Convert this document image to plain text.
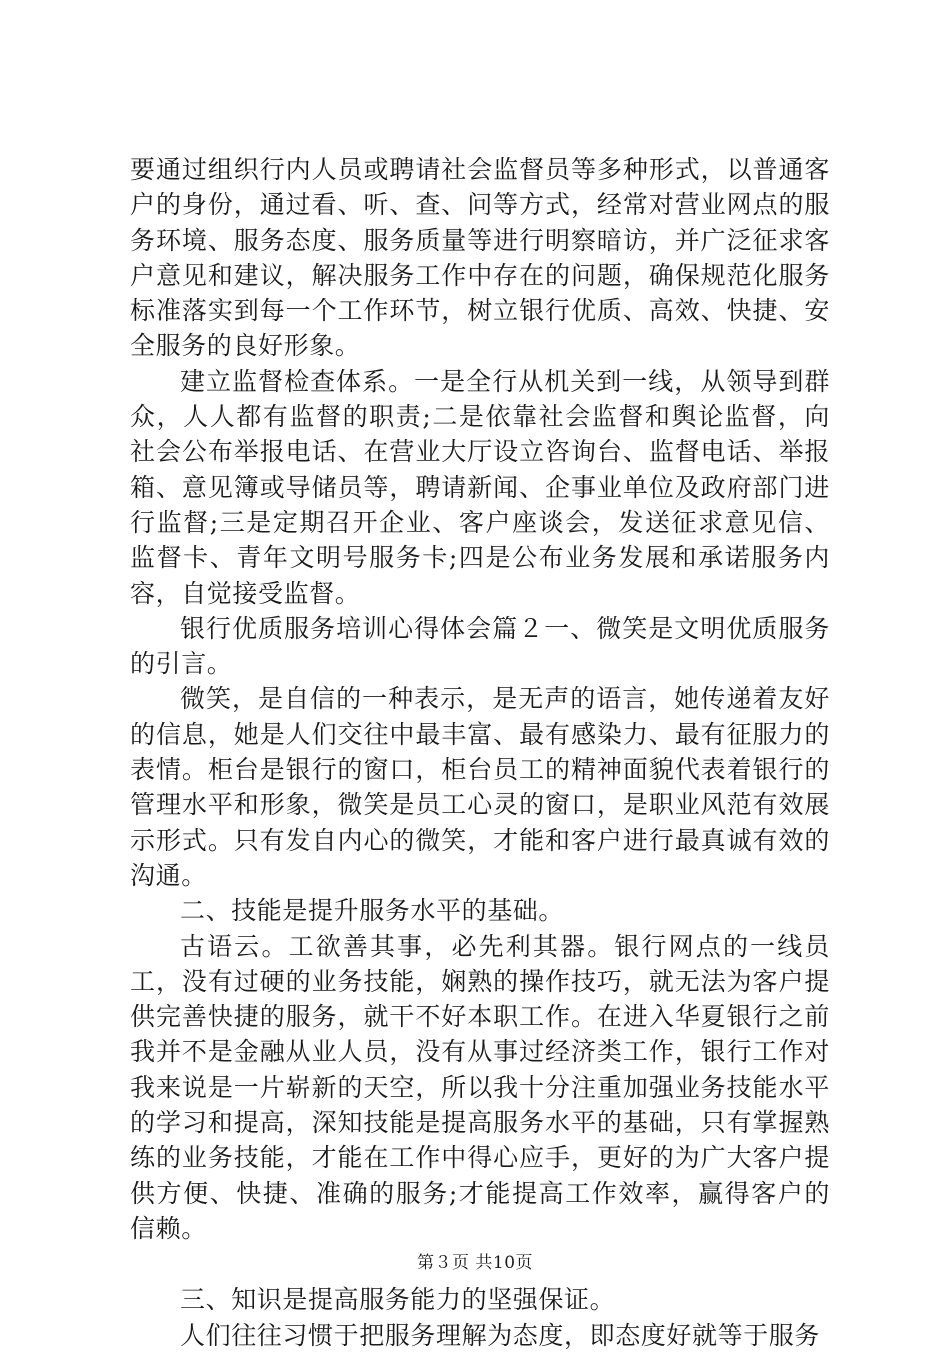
要通过组织行内人员或聘请社会监督员等多种形式，以普通客户的身份，通过看、听、查、问等方式，经常对营业网点的服务环境、服务态度、服务质量等进行明察暗访，并广泛征求客户意见和建议，解决服务工作中存在的问题，确保规范化服务标准落实到每一个工作环节，树立银行优质、高效、快捷、安全服务的良好形象。

建立监督检查体系。一是全行从机关到一线，从领导到群众，人人都有监督的职责;二是依靠社会监督和舆论监督，向社会公布举报电话、在营业大厅设立咨询台、监督电话、举报箱、意见簿或导储员等，聘请新闻、企事业单位及政府部门进行监督;三是定期召开企业、客户座谈会，发送征求意见信、监督卡、青年文明号服务卡;四是公布业务发展和承诺服务内容，自觉接受监督。

银行优质服务培训心得体会篇２一、微笑是文明优质服务的引言。

微笑，是自信的一种表示，是无声的语言，她传递着友好的信息，她是人们交往中最丰富、最有感染力、最有征服力的表情。柜台是银行的窗口，柜台员工的精神面貌代表着银行的管理水平和形象，微笑是员工心灵的窗口，是职业风范有效展示形式。只有发自内心的微笑，才能和客户进行最真诚有效的沟通。

二、技能是提升服务水平的基础。

古语云。工欲善其事，必先利其器。银行网点的一线员工，没有过硬的业务技能，娴熟的操作技巧，就无法为客户提供完善快捷的服务，就干不好本职工作。在进入华夏银行之前我并不是金融从业人员，没有从事过经济类工作，银行工作对我来说是一片崭新的天空，所以我十分注重加强业务技能水平的学习和提高，深知技能是提高服务水平的基础，只有掌握熟练的业务技能，才能在工作中得心应手，更好的为广大客户提供方便、快捷、准确的服务;才能提高工作效率，赢得客户的信赖。

三、知识是提高服务能力的坚强保证。

人们往往习惯于把服务理解为态度，即态度好就等于服务

第３页 共10页
